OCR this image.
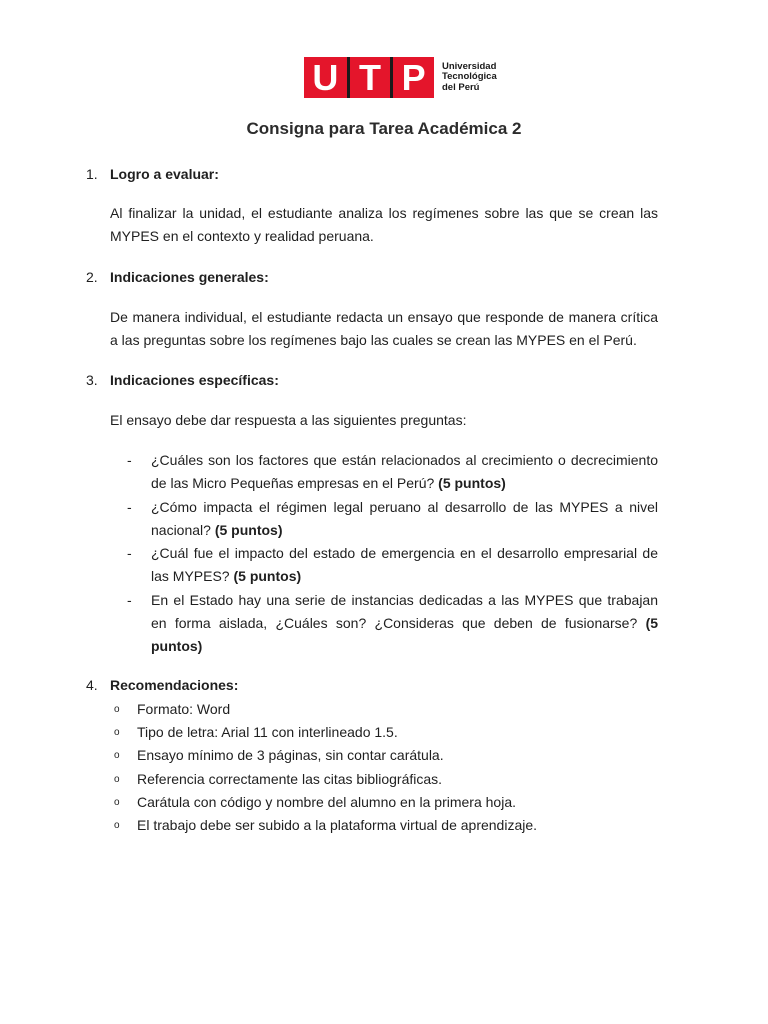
U T P Universidad
Tecnológica
del Perú
Consigna para Tarea Académica 2
1. Logro a evaluar:

Al finalizar la unidad, el estudiante analiza los regímenes sobre las que se crean las MYPES en el contexto y realidad peruana.

2. Indicaciones generales:

De manera individual, el estudiante redacta un ensayo que responde de manera crítica a las preguntas sobre los regímenes bajo las cuales se crean las MYPES en el Perú.

3. Indicaciones específicas:

El ensayo debe dar respuesta a las siguientes preguntas:

- ¿Cuáles son los factores que están relacionados al crecimiento o decrecimiento de las Micro Pequeñas empresas en el Perú? (5 puntos)
- ¿Cómo impacta el régimen legal peruano al desarrollo de las MYPES a nivel nacional? (5 puntos)
- ¿Cuál fue el impacto del estado de emergencia en el desarrollo empresarial de las MYPES? (5 puntos)
- En el Estado hay una serie de instancias dedicadas a las MYPES que trabajan en forma aislada, ¿Cuáles son? ¿Consideras que deben de fusionarse? (5 puntos)
4. Recomendaciones:
o Formato: Word
o Tipo de letra: Arial 11 con interlineado 1.5.
o Ensayo mínimo de 3 páginas, sin contar carátula.
o Referencia correctamente las citas bibliográficas.
o Carátula con código y nombre del alumno en la primera hoja.
o El trabajo debe ser subido a la plataforma virtual de aprendizaje.
